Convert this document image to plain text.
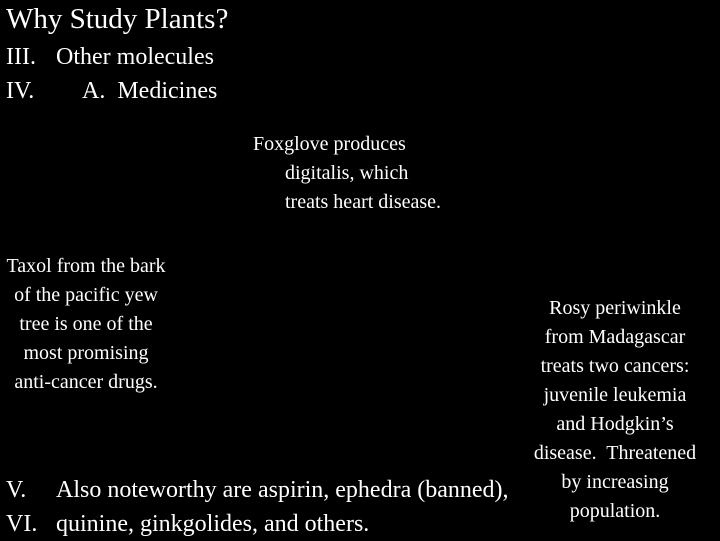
Why Study Plants?
III. Other molecules
IV. A.  Medicines
Foxglove produces
digitalis, which
treats heart disease.
Taxol from the bark of the pacific yew tree is one of the most promising anti-cancer drugs.
Rosy periwinkle
from Madagascar
treats two cancers:
juvenile leukemia
and Hodgkin’s
disease.  Threatened
by increasing
population.
V. Also noteworthy are aspirin, ephedra (banned),
VI. quinine, ginkgolides, and others.
